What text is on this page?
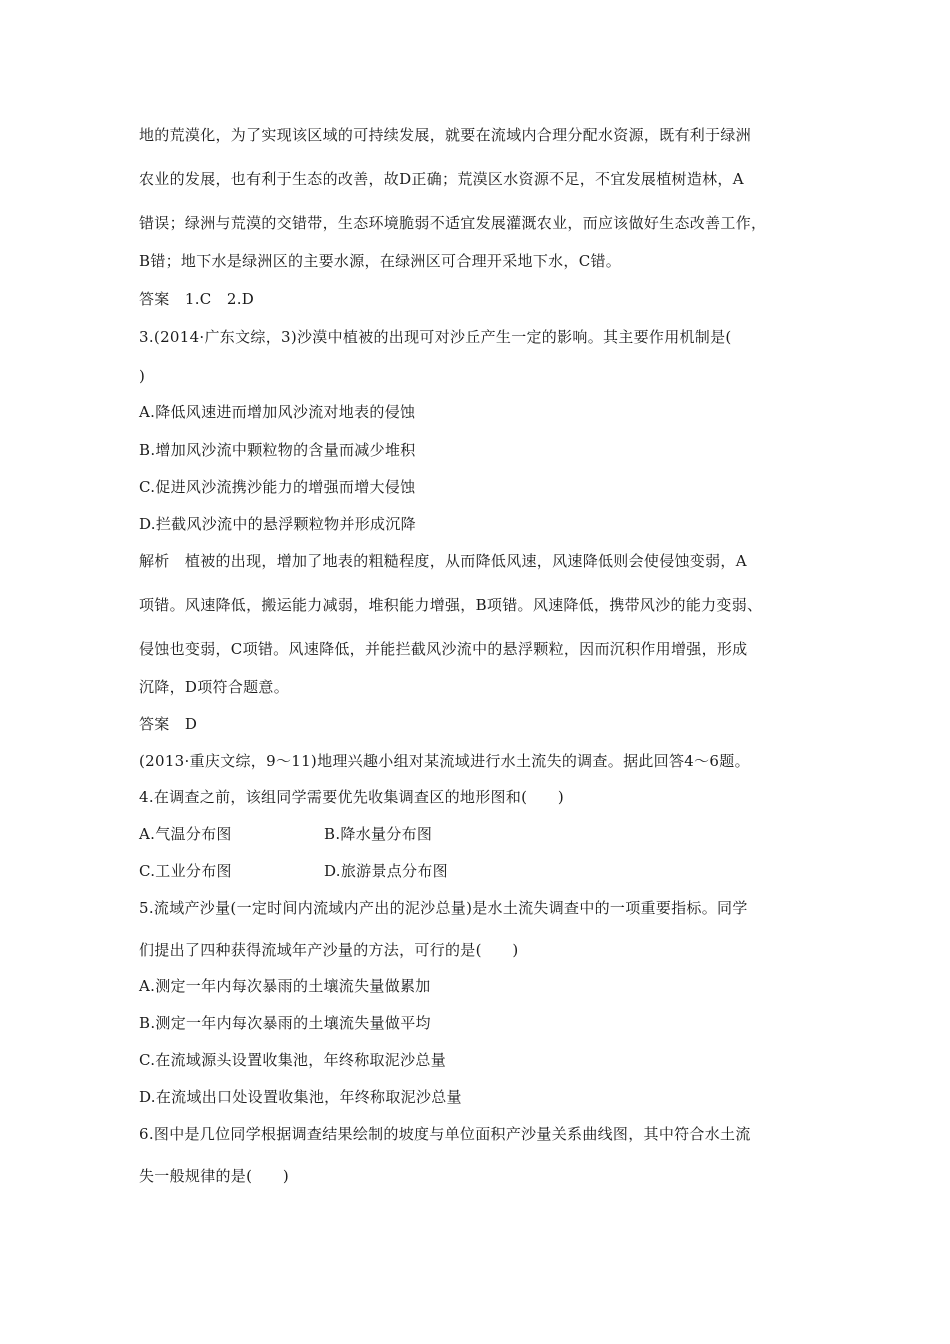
地的荒漠化，为了实现该区域的可持续发展，就要在流域内合理分配水资源，既有利于绿洲
农业的发展，也有利于生态的改善，故D正确；荒漠区水资源不足，不宜发展植树造林，A
错误；绿洲与荒漠的交错带，生态环境脆弱不适宜发展灌溉农业，而应该做好生态改善工作，
B错；地下水是绿洲区的主要水源，在绿洲区可合理开采地下水，C错。
答案　1.C　2.D
3.(2014·广东文综，3)沙漠中植被的出现可对沙丘产生一定的影响。其主要作用机制是(
)
A.降低风速进而增加风沙流对地表的侵蚀
B.增加风沙流中颗粒物的含量而减少堆积
C.促进风沙流携沙能力的增强而增大侵蚀
D.拦截风沙流中的悬浮颗粒物并形成沉降
解析　植被的出现，增加了地表的粗糙程度，从而降低风速，风速降低则会使侵蚀变弱，A
项错。风速降低，搬运能力减弱，堆积能力增强，B项错。风速降低，携带风沙的能力变弱、
侵蚀也变弱，C项错。风速降低，并能拦截风沙流中的悬浮颗粒，因而沉积作用增强，形成
沉降，D项符合题意。
答案　D
(2013·重庆文综，9～11)地理兴趣小组对某流域进行水土流失的调查。据此回答4～6题。
4.在调查之前，该组同学需要优先收集调查区的地形图和(　　)
A.气温分布图	B.降水量分布图
C.工业分布图	D.旅游景点分布图
5.流域产沙量(一定时间内流域内产出的泥沙总量)是水土流失调查中的一项重要指标。同学
们提出了四种获得流域年产沙量的方法，可行的是(　　)
A.测定一年内每次暴雨的土壤流失量做累加
B.测定一年内每次暴雨的土壤流失量做平均
C.在流域源头设置收集池，年终称取泥沙总量
D.在流域出口处设置收集池，年终称取泥沙总量
6.图中是几位同学根据调查结果绘制的坡度与单位面积产沙量关系曲线图，其中符合水土流
失一般规律的是(　　)
